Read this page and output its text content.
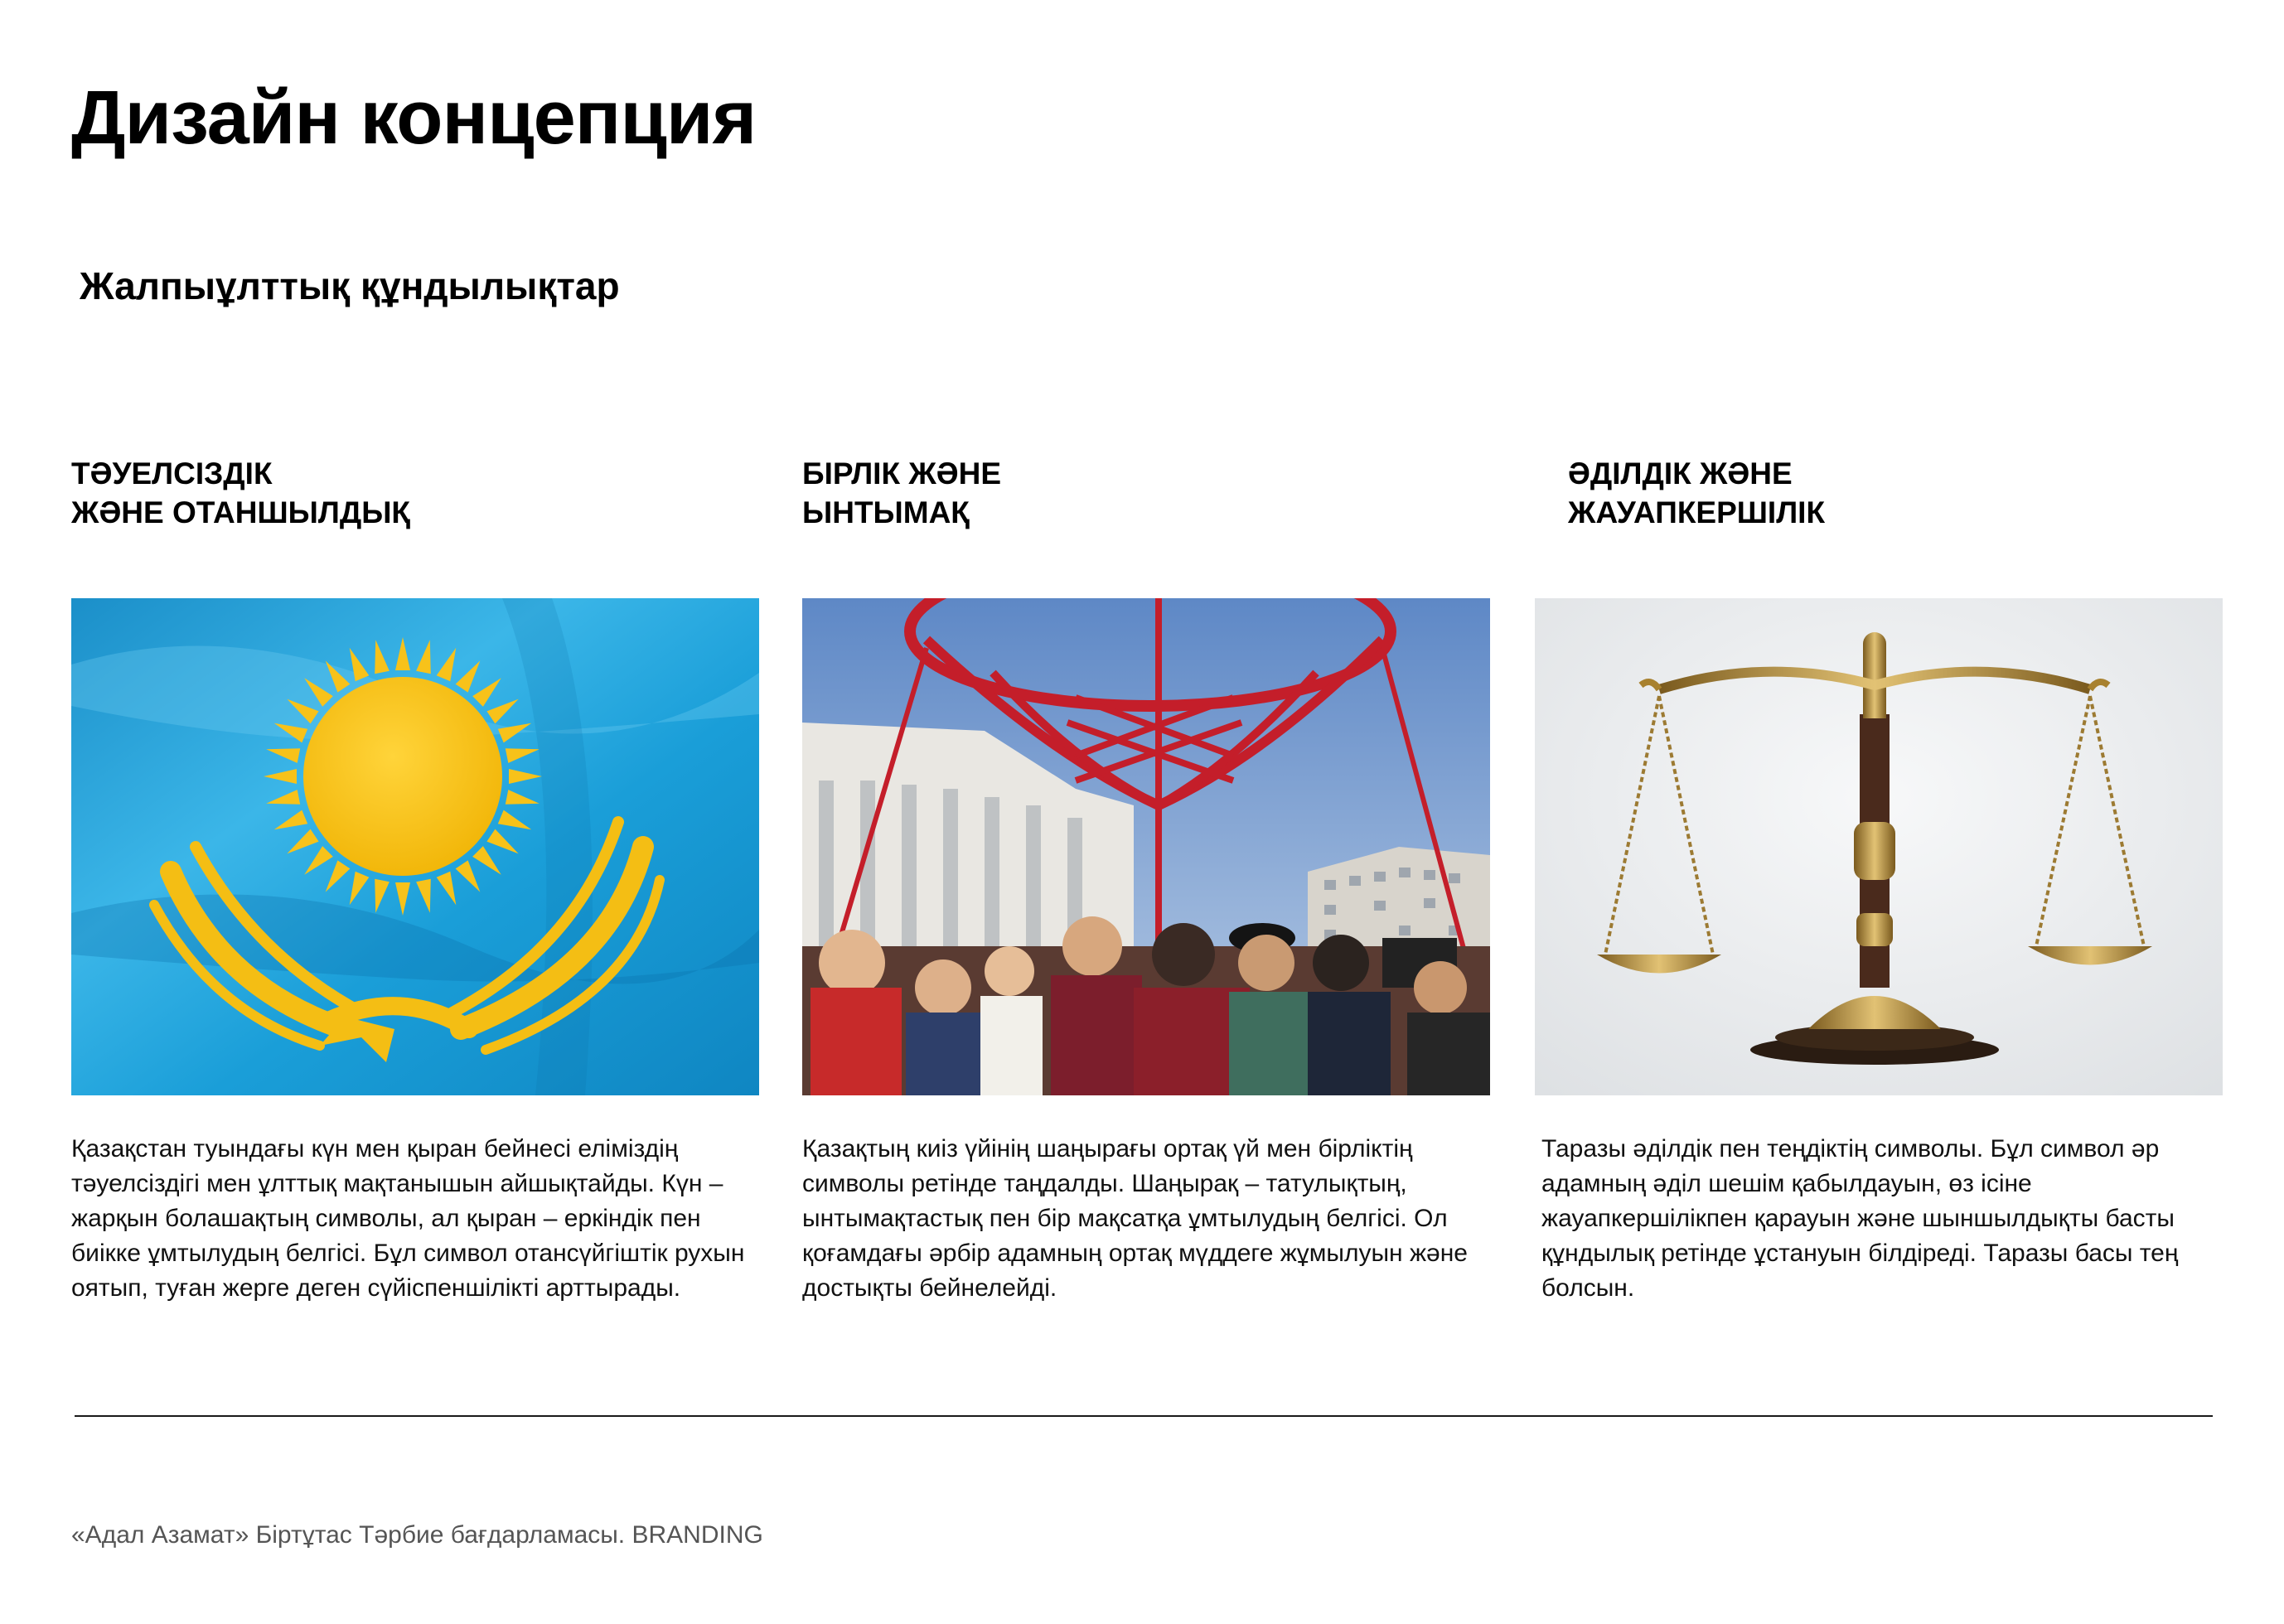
Дизайн концепция
Жалпыұлттық құндылықтар
ТӘУЕЛСІЗДІК
ЖӘНЕ ОТАНШЫЛДЫҚ

Қазақстан туындағы күн мен қыран бейнесі еліміздің тәуелсіздігі мен ұлттық мақтанышын айшықтайды. Күн – жарқын болашақтың символы, ал қыран – еркіндік пен биікке ұмтылудың белгісі. Бұл символ отансүйгіштік рухын оятып, туған жерге деген сүйіспеншілікті арттырады.

БІРЛІК ЖӘНЕ
ЫНТЫМАҚ

Қазақтың киіз үйінің шаңырағы ортақ үй мен бірліктің символы ретінде таңдалды. Шаңырақ – татулықтың, ынтымақтастық пен бір мақсатқа ұмтылудың белгісі. Ол қоғамдағы әрбір адамның ортақ мүддеге жұмылуын және достықты бейнелейді.

ӘДІЛДІК ЖӘНЕ
ЖАУАПКЕРШІЛІК

Таразы әділдік пен теңдіктің символы. Бұл символ әр адамның әділ шешім қабылдауын, өз ісіне жауапкершілікпен қарауын және шыншылдықты басты құндылық ретінде ұстануын білдіреді. Таразы басы тең болсын.

«Адал Азамат» Біртұтас Тәрбие бағдарламасы. BRANDING
